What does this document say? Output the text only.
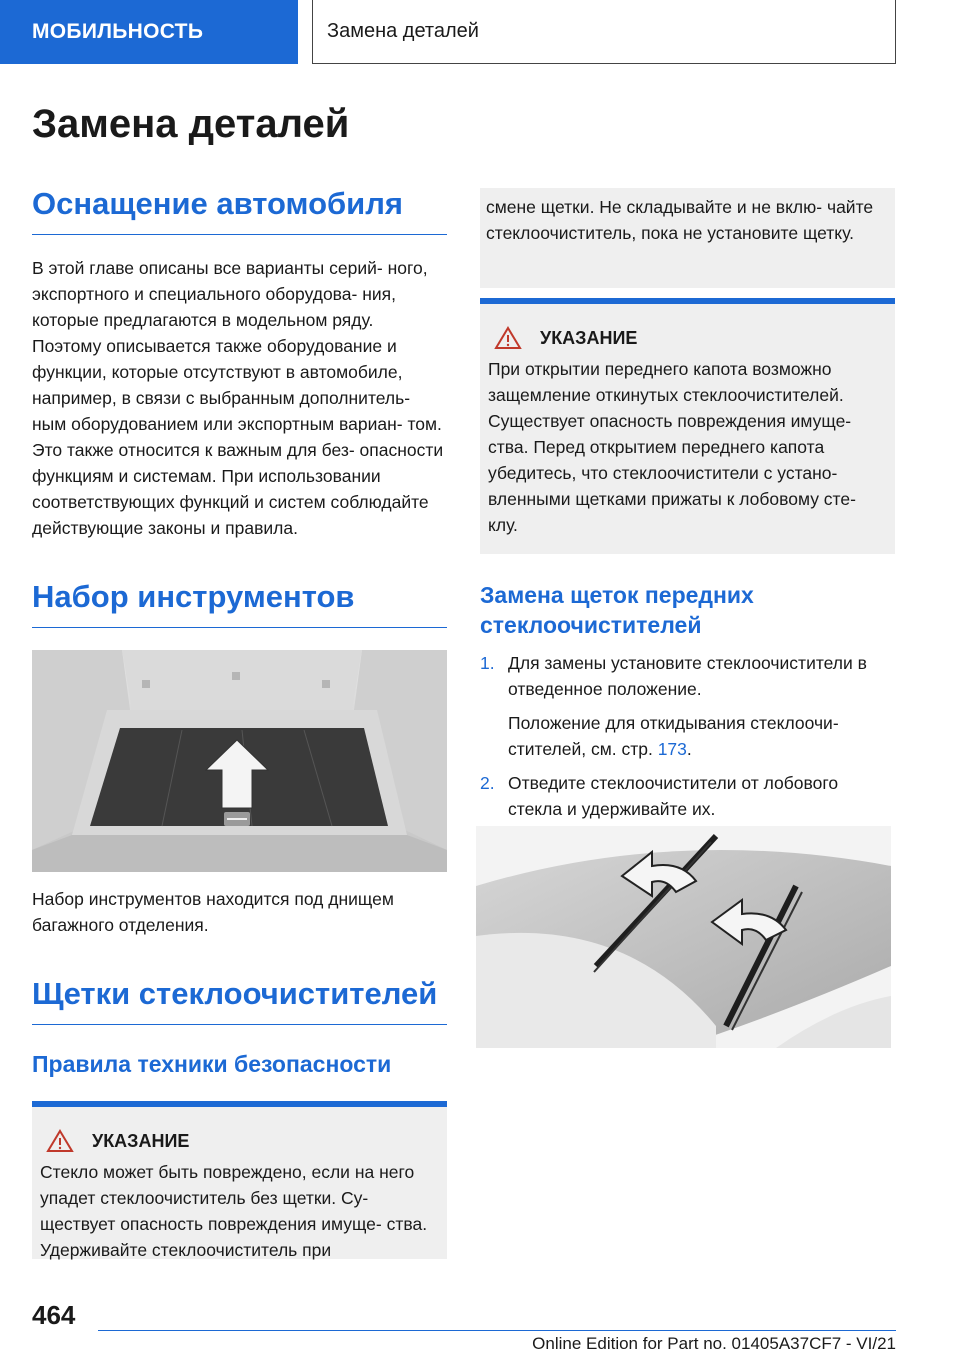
МОБИЛЬНОСТЬ	Замена деталей
Замена деталей
Оснащение автомобиля

В этой главе описаны все варианты серий- ного, экспортного и специального оборудова- ния, которые предлагаются в модельном ряду. Поэтому описывается также оборудование и функции, которые отсутствуют в автомобиле, например, в связи с выбранным дополнитель- ным оборудованием или экспортным вариан- том. Это также относится к важным для без- опасности функциям и системам. При использовании соответствующих функций и систем соблюдайте действующие законы и правила.

Набор инструментов

Набор инструментов находится под днищем багажного отделения.

Щетки стеклоочистителей
Правила техники безопасности
УКАЗАНИЕ

Стекло может быть повреждено, если на него упадет стеклоочиститель без щетки. Су- ществует опасность повреждения имуще- ства. Удерживайте стеклоочиститель при

смене щетки. Не складывайте и не вклю- чайте стеклоочиститель, пока не установите щетку.

УКАЗАНИЕ

При открытии переднего капота возможно защемление откинутых стеклоочистителей. Существует опасность повреждения имуще- ства. Перед открытием переднего капота убедитесь, что стеклоочистители с устано- вленными щетками прижаты к лобовому сте- клу.

Замена щеток передних стеклоочистителей
1. Для замены установите стеклоочистители в отведенное положение.
Положение для откидывания стеклоочи- стителей, см. стр. 173.
2. Отведите стеклоочистители от лобового стекла и удерживайте их.
464
Online Edition for Part no. 01405A37CF7 - VI/21
